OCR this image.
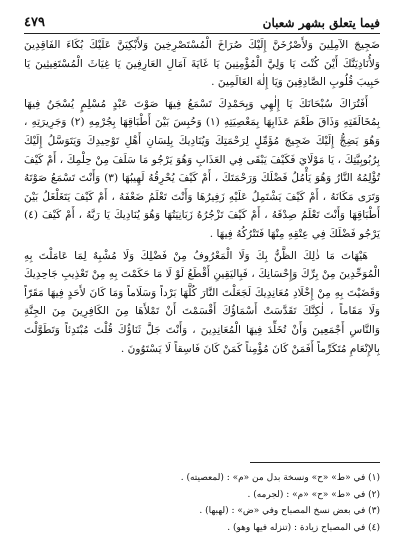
فيما يتعلق بشهر شعبان
٤٧٩

ضَجِيجَ الآمِلِينَ وَلأَصْرُخَنَّ إِلَيْكَ صُرَاخَ الْمُسْتَصْرِخِينَ وَلأَبْكِيَنَّ عَلَيْكَ بُكَاءَ الفَاقِدِينَ وَلأُنَادِيَنَّكَ أَيْنَ كُنْتَ يَا وَلِيَّ الْمُؤْمِنِينَ يَا غَايَةَ آمَالِ العَارِفِينَ يَا غِيَاثَ الْمُسْتَغِيثِينَ يَا حَبِيبَ قُلُوبِ الصَّادِقِينَ وَيَا إِلٰهَ العَالَمِينَ .

أَفَتُرَاكَ سُبْحَانَكَ يَا إِلٰهِي وَبِحَمْدِكَ تَسْمَعُ فِيهَا صَوْتَ عَبْدٍ مُسْلِمٍ يُسْجَنُ فِيهَا بِمُخَالَفَتِهِ وَذَاقَ طَعْمَ عَذَابِهَا بِمَعْصِيَتِهِ (١) وَحُبِسَ بَيْنَ أَطْبَاقِهَا بِجُرْمِهِ (٢) وَجَرِيرَتِهِ ، وَهُوَ يَضِجُّ إِلَيْكَ ضَجِيجَ مُؤَمِّلٍ لِرَحْمَتِكَ وَيُنَادِيكَ بِلِسَانِ أَهْلِ تَوْحِيدِكَ وَيَتَوَسَّلُ إِلَيْكَ بِرُبُوبِيَّتِكَ ، يَا مَوْلَايَ فَكَيْفَ يَبْقَى فِي العَذَابِ وَهُوَ يَرْجُو مَا سَلَفَ مِنْ حِلْمِكَ ، أَمْ كَيْفَ تُؤْلِمُهُ النَّارُ وَهُوَ يَأْمُلُ فَضْلَكَ وَرَحْمَتَكَ ، أَمْ كَيْفَ يُحْرِقُهُ لَهِيبُهَا (٣) وَأَنْتَ تَسْمَعُ صَوْتَهُ وَتَرَى مَكَانَهُ ، أَمْ كَيْفَ يَشْتَمِلُ عَلَيْهِ زَفِيرُهَا وَأَنْتَ تَعْلَمُ ضَعْفَهُ ، أَمْ كَيْفَ يَتَغَلْغَلُ بَيْنَ أَطْبَاقِهَا وَأَنْتَ تَعْلَمُ صِدْقَهُ ، أَمْ كَيْفَ تَزْجُرُهُ زَبَانِيَتُهَا وَهُوَ يُنَادِيكَ يَا رَبَّهُ ، أَمْ كَيْفَ (٤) يَرْجُو فَضْلَكَ فِي عِتْقِهِ مِنْهَا فَتَتْرُكُهُ فِيهَا .

هَيْهَاتَ مَا ذٰلِكَ الظَّنُّ بِكَ وَلَا الْمَعْرُوفُ مِنْ فَضْلِكَ وَلَا مُشْبِهٌ لِمَا عَامَلْتَ بِهِ الْمُوَحِّدِينَ مِنْ بِرِّكَ وَإِحْسَانِكَ ، فَبِاليَقِينِ أَقْطَعُ لَوْ لَا مَا حَكَمْتَ بِهِ مِنْ تَعْذِيبِ جَاحِدِيكَ وَقَضَيْتَ بِهِ مِنْ إِخْلَادِ مُعَانِدِيكَ لَجَعَلْتَ النَّارَ كُلَّهَا بَرْداً وَسَلَاماً وَمَا كَانَ لأَحَدٍ فِيهَا مَقَرّاً وَلَا مَقَاماً ، لٰكِنَّكَ تَقَدَّسَتْ أَسْمَاؤُكَ أَقْسَمْتَ أَنْ تَمْلأَهَا مِنَ الكَافِرِينَ مِنَ الجِنَّةِ وَالنَّاسِ أَجْمَعِينَ وَأَنْ تُخَلِّدَ فِيهَا الْمُعَانِدِينَ ، وَأَنْتَ جَلَّ ثَنَاؤُكَ قُلْتَ مُبْتَدِئاً وَتَطَوَّلْتَ بِالإِنْعَامِ مُتَكَرِّماً أَفَمَنْ كَانَ مُؤْمِناً كَمَنْ كَانَ فَاسِقاً لَا يَسْتَوُونَ .

(١) في «ط» «ح» ونسخة بدل من «م» : (لمعصيته) .

(٢) في «ط» «ح» «م» : (لجرمه) .

(٣) في بعض نسخ المصباح وفي «ض» : (لهبها) .

(٤) في المصباح زيادة : (تنزله فيها وهو) .
